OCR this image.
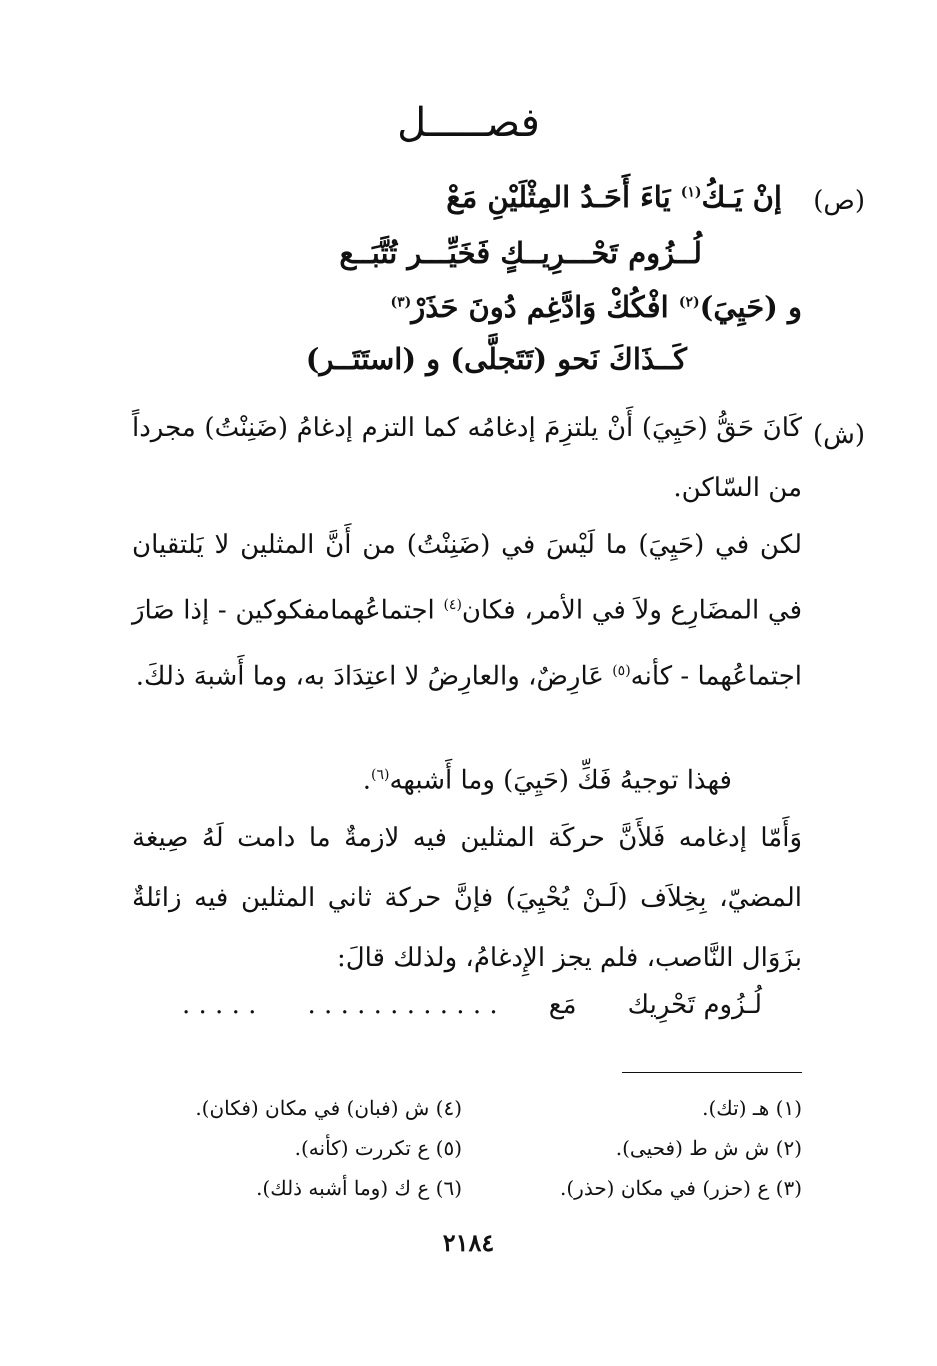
فصـــــل
(ص)
إنْ يَـكُ$^{(١)}$ يَاءَ أَحَـدُ المِثْلَيْنِ مَعْ
لُــزُوم تَحْـــرِيــكٍ فَخَيِّـــر تُتَّبَــع
و (حَيِيَ)$^{(٢)}$ افْكُكْ وَادَّغِم دُونَ حَذَرْ$^{(٣)}$
كَــذَاكَ نَحو (تَتَجلَّى) و (استَتَــر)
(ش)
كَانَ حَقُّ (حَيِيَ) أَنْ يلتزِمَ إدغامُه كما التزم إدغامُ (ضَنِنْتُ) مجرداً من السّاكن.
لكن في (حَيِيَ) ما لَيْسَ في (ضَنِنْتُ) من أَنَّ المثلين لا يَلتقيان في المضَارِع ولاَ في الأمر، فكان$^{(٤)}$ اجتماعُهمامفكوكين - إذا صَارَ اجتماعُهما - كأنه$^{(٥)}$ عَارِضٌ، والعارِضُ لا اعتِدَادَ به، وما أَشبهَ ذلكَ.
فهذا توجيهُ فَكِّ (حَيِيَ) وما أَشبهه$^{(٦)}$.
وَأَمّا إدغامه فَلأَنَّ حركَة المثلين فيه لازمةٌ ما دامت لَهُ صِيغة المضيّ، بِخِلاَف (لَـنْ يُحْيِيَ) فإنَّ حركة ثاني المثلين فيه زائلةٌ بزَوَال النَّاصب، فلم يجز الإِدغامُ، ولذلك قالَ:
لُـزُوم تَحْرِيك
مَع
. . . . . . . . . . . .
. . . . .
(١) هـ (تك).
(٢) ش ش ط (فحيى).
(٣) ع (حزر) في مكان (حذر).
(٤) ش (فبان) في مكان (فكان).
(٥) ع تكررت (كأنه).
(٦) ع ك (وما أشبه ذلك).
٢١٨٤
